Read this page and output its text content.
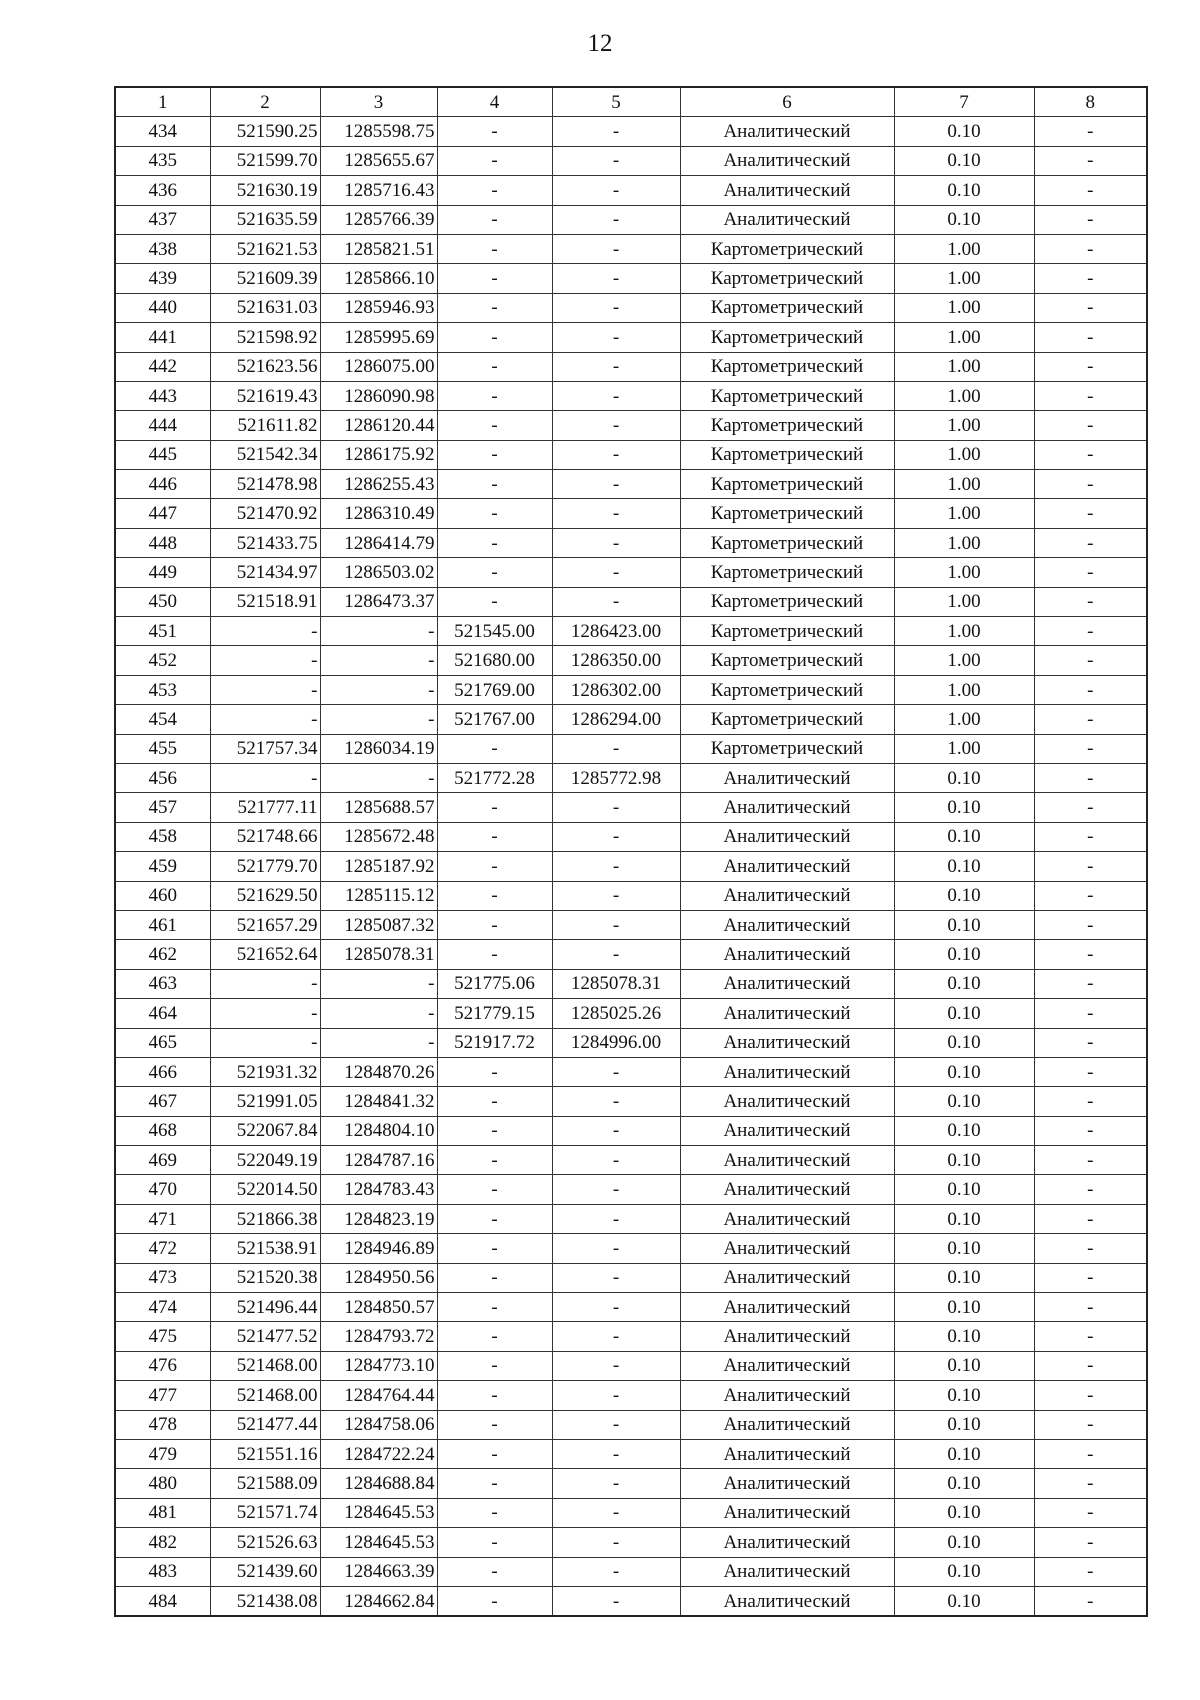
12
1	2	3	4	5	6	7	8
434	521590.25	1285598.75	-	-	Аналитический	0.10	-
435	521599.70	1285655.67	-	-	Аналитический	0.10	-
436	521630.19	1285716.43	-	-	Аналитический	0.10	-
437	521635.59	1285766.39	-	-	Аналитический	0.10	-
438	521621.53	1285821.51	-	-	Картометрический	1.00	-
439	521609.39	1285866.10	-	-	Картометрический	1.00	-
440	521631.03	1285946.93	-	-	Картометрический	1.00	-
441	521598.92	1285995.69	-	-	Картометрический	1.00	-
442	521623.56	1286075.00	-	-	Картометрический	1.00	-
443	521619.43	1286090.98	-	-	Картометрический	1.00	-
444	521611.82	1286120.44	-	-	Картометрический	1.00	-
445	521542.34	1286175.92	-	-	Картометрический	1.00	-
446	521478.98	1286255.43	-	-	Картометрический	1.00	-
447	521470.92	1286310.49	-	-	Картометрический	1.00	-
448	521433.75	1286414.79	-	-	Картометрический	1.00	-
449	521434.97	1286503.02	-	-	Картометрический	1.00	-
450	521518.91	1286473.37	-	-	Картометрический	1.00	-
451	-	-	521545.00	1286423.00	Картометрический	1.00	-
452	-	-	521680.00	1286350.00	Картометрический	1.00	-
453	-	-	521769.00	1286302.00	Картометрический	1.00	-
454	-	-	521767.00	1286294.00	Картометрический	1.00	-
455	521757.34	1286034.19	-	-	Картометрический	1.00	-
456	-	-	521772.28	1285772.98	Аналитический	0.10	-
457	521777.11	1285688.57	-	-	Аналитический	0.10	-
458	521748.66	1285672.48	-	-	Аналитический	0.10	-
459	521779.70	1285187.92	-	-	Аналитический	0.10	-
460	521629.50	1285115.12	-	-	Аналитический	0.10	-
461	521657.29	1285087.32	-	-	Аналитический	0.10	-
462	521652.64	1285078.31	-	-	Аналитический	0.10	-
463	-	-	521775.06	1285078.31	Аналитический	0.10	-
464	-	-	521779.15	1285025.26	Аналитический	0.10	-
465	-	-	521917.72	1284996.00	Аналитический	0.10	-
466	521931.32	1284870.26	-	-	Аналитический	0.10	-
467	521991.05	1284841.32	-	-	Аналитический	0.10	-
468	522067.84	1284804.10	-	-	Аналитический	0.10	-
469	522049.19	1284787.16	-	-	Аналитический	0.10	-
470	522014.50	1284783.43	-	-	Аналитический	0.10	-
471	521866.38	1284823.19	-	-	Аналитический	0.10	-
472	521538.91	1284946.89	-	-	Аналитический	0.10	-
473	521520.38	1284950.56	-	-	Аналитический	0.10	-
474	521496.44	1284850.57	-	-	Аналитический	0.10	-
475	521477.52	1284793.72	-	-	Аналитический	0.10	-
476	521468.00	1284773.10	-	-	Аналитический	0.10	-
477	521468.00	1284764.44	-	-	Аналитический	0.10	-
478	521477.44	1284758.06	-	-	Аналитический	0.10	-
479	521551.16	1284722.24	-	-	Аналитический	0.10	-
480	521588.09	1284688.84	-	-	Аналитический	0.10	-
481	521571.74	1284645.53	-	-	Аналитический	0.10	-
482	521526.63	1284645.53	-	-	Аналитический	0.10	-
483	521439.60	1284663.39	-	-	Аналитический	0.10	-
484	521438.08	1284662.84	-	-	Аналитический	0.10	-
